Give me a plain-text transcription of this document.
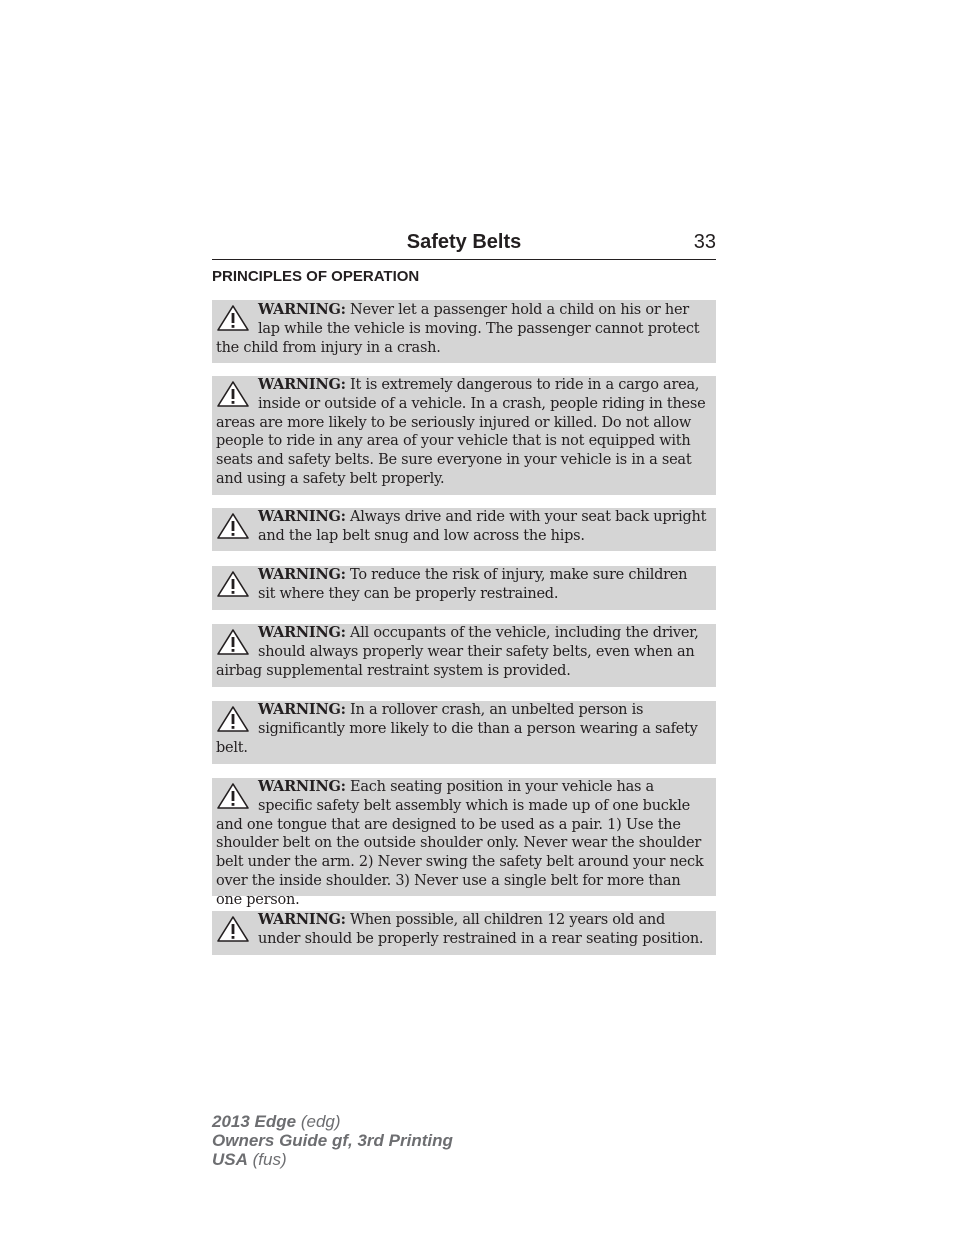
Safety Belts	33
PRINCIPLES OF OPERATION

WARNING: Never let a passenger hold a child on his or her lap while the vehicle is moving. The passenger cannot protect the child from injury in a crash.

WARNING: It is extremely dangerous to ride in a cargo area, inside or outside of a vehicle. In a crash, people riding in these areas are more likely to be seriously injured or killed. Do not allow people to ride in any area of your vehicle that is not equipped with seats and safety belts. Be sure everyone in your vehicle is in a seat and using a safety belt properly.

WARNING: Always drive and ride with your seat back upright and the lap belt snug and low across the hips.

WARNING: To reduce the risk of injury, make sure children sit where they can be properly restrained.

WARNING: All occupants of the vehicle, including the driver, should always properly wear their safety belts, even when an airbag supplemental restraint system is provided.

WARNING: In a rollover crash, an unbelted person is significantly more likely to die than a person wearing a safety belt.

WARNING: Each seating position in your vehicle has a specific safety belt assembly which is made up of one buckle and one tongue that are designed to be used as a pair. 1) Use the shoulder belt on the outside shoulder only. Never wear the shoulder belt under the arm. 2) Never swing the safety belt around your neck over the inside shoulder. 3) Never use a single belt for more than one person.

WARNING: When possible, all children 12 years old and under should be properly restrained in a rear seating position.

2013 Edge (edg)
Owners Guide gf, 3rd Printing
USA (fus)
